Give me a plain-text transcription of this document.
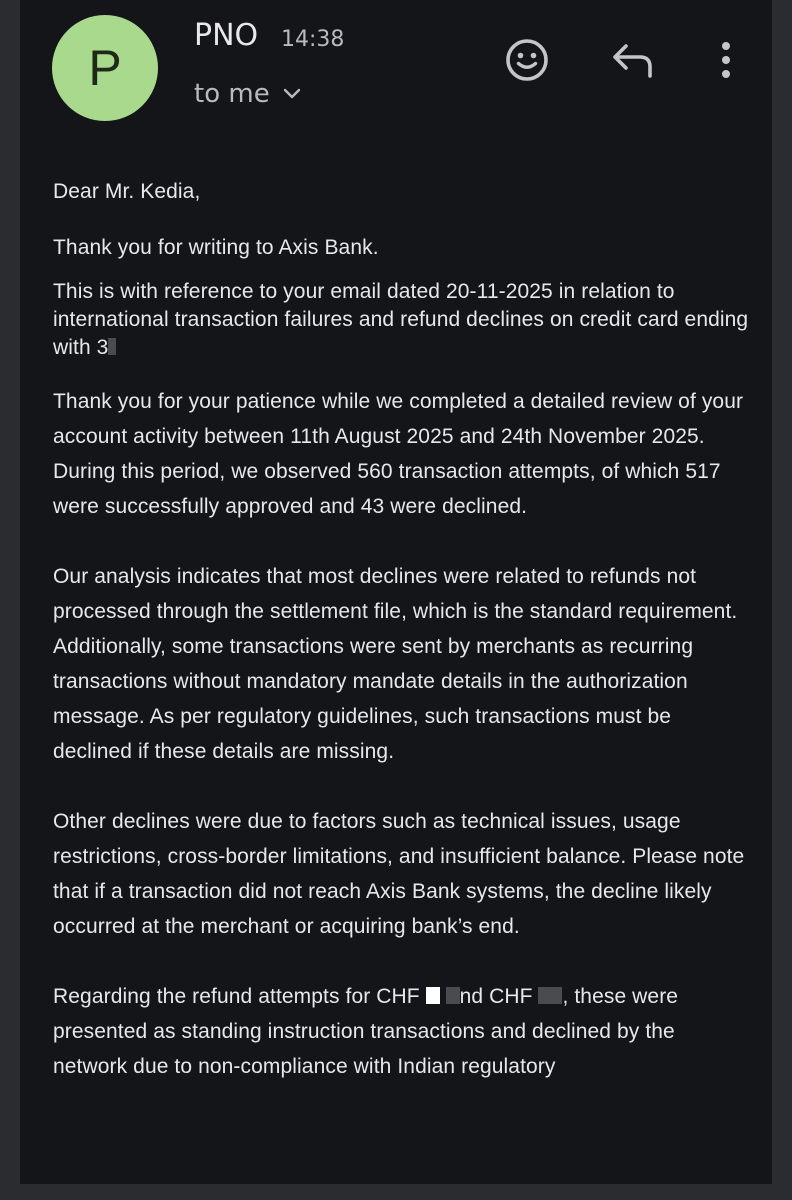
P
PNO 14:38
to me

Dear Mr. Kedia,

Thank you for writing to Axis Bank.

This is with reference to your email dated 20-11-2025 in relation to international transaction failures and refund declines on credit card ending with 3

Thank you for your patience while we completed a detailed review of your account activity between 11th August 2025 and 24th November 2025. During this period, we observed 560 transaction attempts, of which 517 were successfully approved and 43 were declined.

Our analysis indicates that most declines were related to refunds not processed through the settlement file, which is the standard requirement. Additionally, some transactions were sent by merchants as recurring transactions without mandatory mandate details in the authorization message. As per regulatory guidelines, such transactions must be declined if these details are missing.

Other declines were due to factors such as technical issues, usage restrictions, cross-border limitations, and insufficient balance. Please note that if a transaction did not reach Axis Bank systems, the decline likely occurred at the merchant or acquiring bank’s end.

Regarding the refund attempts for CHF  nd CHF , these were presented as standing instruction transactions and declined by the network due to non-compliance with Indian regulatory
